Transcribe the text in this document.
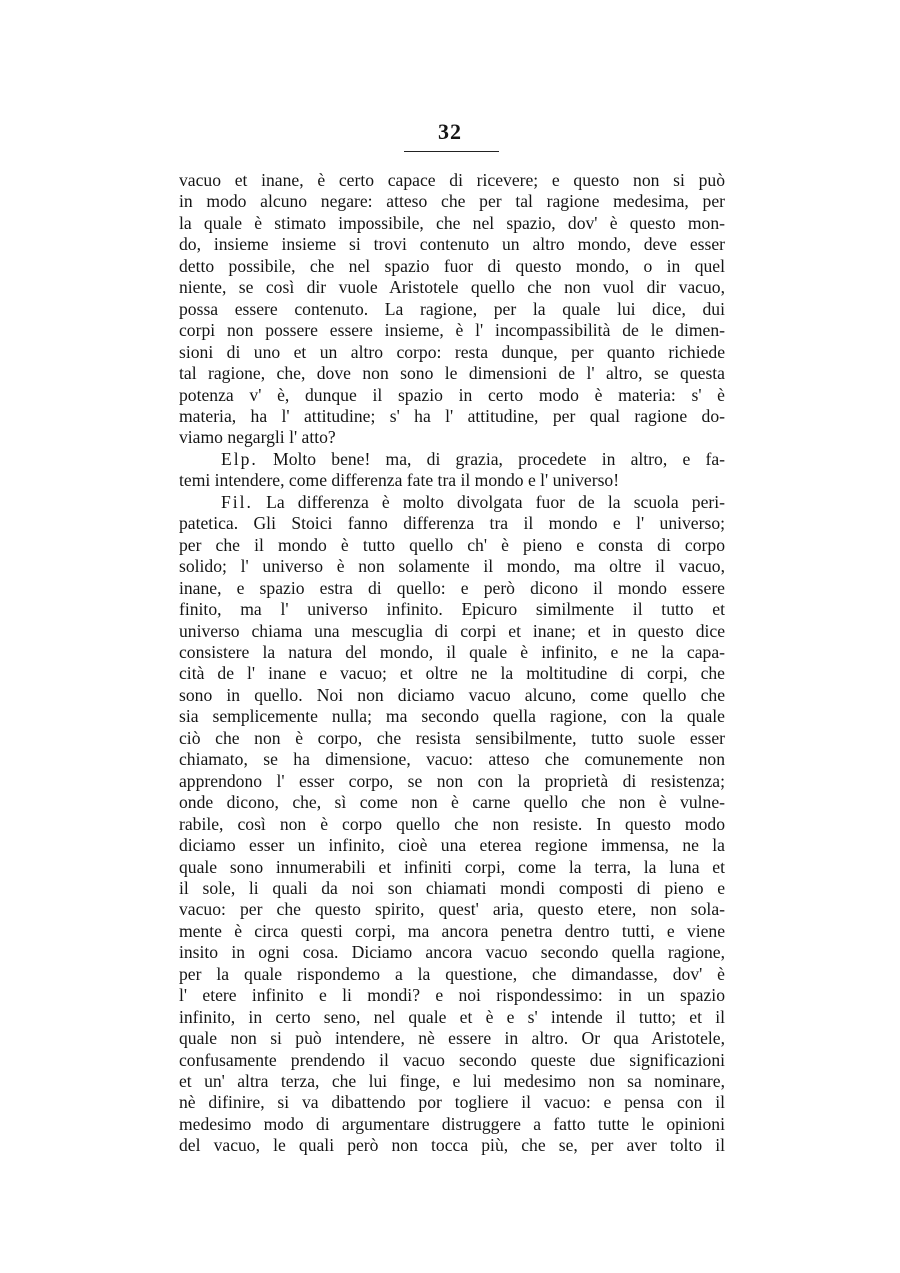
32
vacuo et inane, è certo capace di ricevere; e questo non si può
in modo alcuno negare: atteso che per tal ragione medesima, per
la quale è stimato impossibile, che nel spazio, dov' è questo mon-
do, insieme insieme si trovi contenuto un altro mondo, deve esser
detto possibile, che nel spazio fuor di questo mondo, o in quel
niente, se così dir vuole Aristotele quello che non vuol dir vacuo,
possa essere contenuto. La ragione, per la quale lui dice, dui
corpi non possere essere insieme, è l' incompassibilità de le dimen-
sioni di uno et un altro corpo: resta dunque, per quanto richiede
tal ragione, che, dove non sono le dimensioni de l' altro, se questa
potenza v' è, dunque il spazio in certo modo è materia: s' è
materia, ha l' attitudine; s' ha l' attitudine, per qual ragione do-
viamo negargli l' atto?
Elp. Molto bene! ma, di grazia, procedete in altro, e fa-
temi intendere, come differenza fate tra il mondo e l' universo!
Fil. La differenza è molto divolgata fuor de la scuola peri-
patetica. Gli Stoici fanno differenza tra il mondo e l' universo;
per che il mondo è tutto quello ch' è pieno e consta di corpo
solido; l' universo è non solamente il mondo, ma oltre il vacuo,
inane, e spazio estra di quello: e però dicono il mondo essere
finito, ma l' universo infinito. Epicuro similmente il tutto et
universo chiama una mescuglia di corpi et inane; et in questo dice
consistere la natura del mondo, il quale è infinito, e ne la capa-
cità de l' inane e vacuo; et oltre ne la moltitudine di corpi, che
sono in quello. Noi non diciamo vacuo alcuno, come quello che
sia semplicemente nulla; ma secondo quella ragione, con la quale
ciò che non è corpo, che resista sensibilmente, tutto suole esser
chiamato, se ha dimensione, vacuo: atteso che comunemente non
apprendono l' esser corpo, se non con la proprietà di resistenza;
onde dicono, che, sì come non è carne quello che non è vulne-
rabile, così non è corpo quello che non resiste. In questo modo
diciamo esser un infinito, cioè una eterea regione immensa, ne la
quale sono innumerabili et infiniti corpi, come la terra, la luna et
il sole, li quali da noi son chiamati mondi composti di pieno e
vacuo: per che questo spirito, quest' aria, questo etere, non sola-
mente è circa questi corpi, ma ancora penetra dentro tutti, e viene
insito in ogni cosa. Diciamo ancora vacuo secondo quella ragione,
per la quale rispondemo a la questione, che dimandasse, dov' è
l' etere infinito e li mondi? e noi rispondessimo: in un spazio
infinito, in certo seno, nel quale et è e s' intende il tutto; et il
quale non si può intendere, nè essere in altro. Or qua Aristotele,
confusamente prendendo il vacuo secondo queste due significazioni
et un' altra terza, che lui finge, e lui medesimo non sa nominare,
nè difinire, si va dibattendo por togliere il vacuo: e pensa con il
medesimo modo di argumentare distruggere a fatto tutte le opinioni
del vacuo, le quali però non tocca più, che se, per aver tolto il
